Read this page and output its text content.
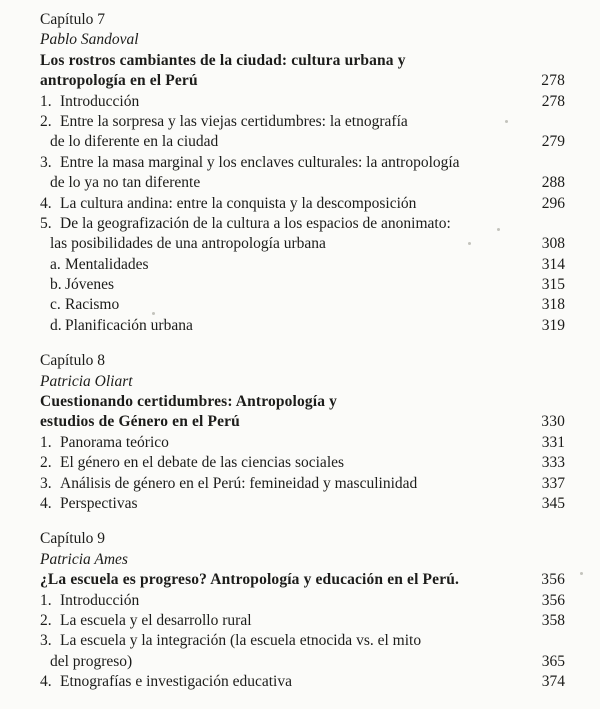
Capítulo 7
Pablo Sandoval
Los rostros cambiantes de la ciudad: cultura urbana y
antropología en el Perú	278
1. Introducción	278
2. Entre la sorpresa y las viejas certidumbres: la etnografía
de lo diferente en la ciudad	279
3. Entre la masa marginal y los enclaves culturales: la antropología
de lo ya no tan diferente	288
4. La cultura andina: entre la conquista y la descomposición	296
5. De la geografización de la cultura a los espacios de anonimato:
las posibilidades de una antropología urbana	308
a. Mentalidades	314
b. Jóvenes	315
c. Racismo	318
d. Planificación urbana	319
Capítulo 8
Patricia Oliart
Cuestionando certidumbres: Antropología y
estudios de Género en el Perú	330
1. Panorama teórico	331
2. El género en el debate de las ciencias sociales	333
3. Análisis de género en el Perú: femineidad y masculinidad	337
4. Perspectivas	345
Capítulo 9
Patricia Ames
¿La escuela es progreso? Antropología y educación en el Perú.	356
1. Introducción	356
2. La escuela y el desarrollo rural	358
3. La escuela y la integración (la escuela etnocida vs. el mito
del progreso)	365
4. Etnografías e investigación educativa	374
